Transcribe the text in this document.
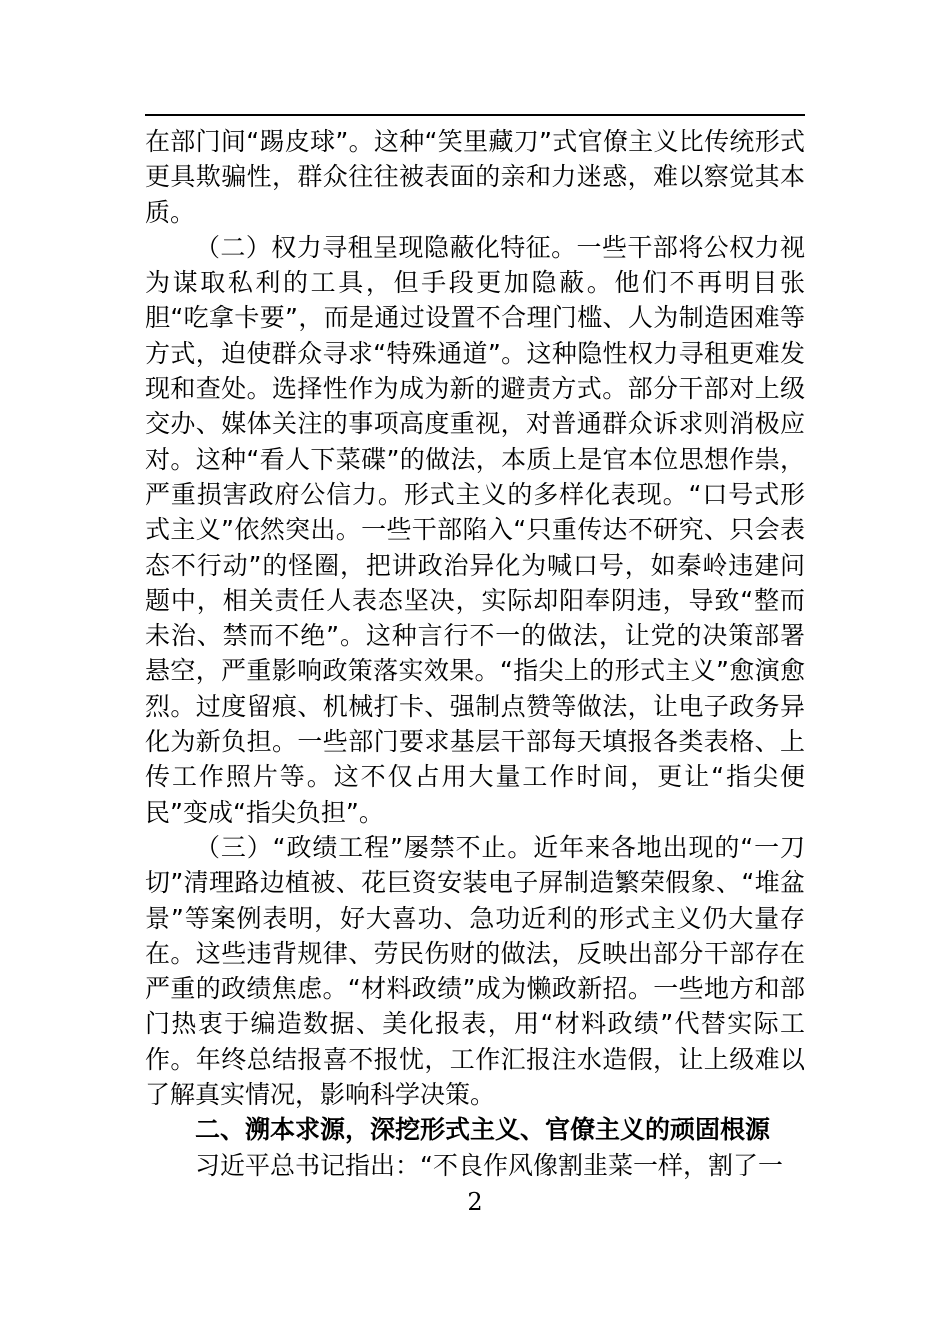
在部门间“踢皮球”。这种“笑里藏刀”式官僚主义比传统形式更具欺骗性，群众往往被表面的亲和力迷惑，难以察觉其本质。

（二）权力寻租呈现隐蔽化特征。一些干部将公权力视为谋取私利的工具，但手段更加隐蔽。他们不再明目张胆“吃拿卡要”，而是通过设置不合理门槛、人为制造困难等方式，迫使群众寻求“特殊通道”。这种隐性权力寻租更难发现和查处。选择性作为成为新的避责方式。部分干部对上级交办、媒体关注的事项高度重视，对普通群众诉求则消极应对。这种“看人下菜碟”的做法，本质上是官本位思想作祟，严重损害政府公信力。形式主义的多样化表现。“口号式形式主义”依然突出。一些干部陷入“只重传达不研究、只会表态不行动”的怪圈，把讲政治异化为喊口号，如秦岭违建问题中，相关责任人表态坚决，实际却阳奉阴违，导致“整而未治、禁而不绝”。这种言行不一的做法，让党的决策部署悬空，严重影响政策落实效果。“指尖上的形式主义”愈演愈烈。过度留痕、机械打卡、强制点赞等做法，让电子政务异化为新负担。一些部门要求基层干部每天填报各类表格、上传工作照片等。这不仅占用大量工作时间，更让“指尖便民”变成“指尖负担”。

（三）“政绩工程”屡禁不止。近年来各地出现的“一刀切”清理路边植被、花巨资安装电子屏制造繁荣假象、“堆盆景”等案例表明，好大喜功、急功近利的形式主义仍大量存在。这些违背规律、劳民伤财的做法，反映出部分干部存在严重的政绩焦虑。“材料政绩”成为懒政新招。一些地方和部门热衷于编造数据、美化报表，用“材料政绩”代替实际工作。年终总结报喜不报忧，工作汇报注水造假，让上级难以了解真实情况，影响科学决策。

二、溯本求源，深挖形式主义、官僚主义的顽固根源

习近平总书记指出：“不良作风像割韭菜一样，割了一

2
